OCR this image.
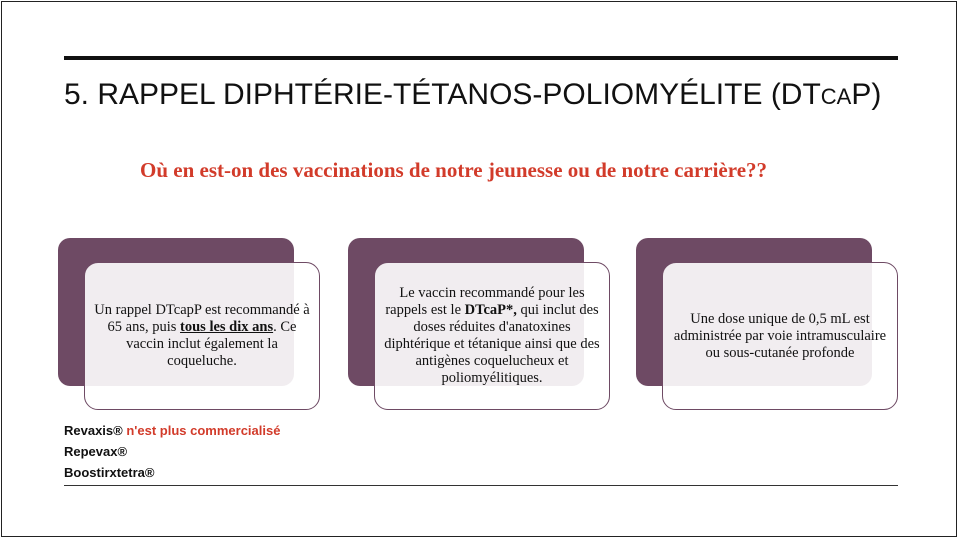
5. RAPPEL DIPHTÉRIE-TÉTANOS-POLIOMYÉLITE (DTCAP)
Où en est-on des vaccinations de notre jeunesse ou de notre carrière??
Un rappel DTcapP est recommandé à 65 ans, puis tous les dix ans. Ce vaccin inclut également la coqueluche.
Le vaccin recommandé pour les rappels est le DTcaP*, qui inclut des doses réduites d'anatoxines diphtérique et tétanique ainsi que des antigènes coquelucheux et poliomyélitiques.
Une dose unique de 0,5 mL est administrée par voie intramusculaire ou sous-cutanée profonde
Revaxis® n'est plus commercialisé
Repevax®
Boostirxtetra®
